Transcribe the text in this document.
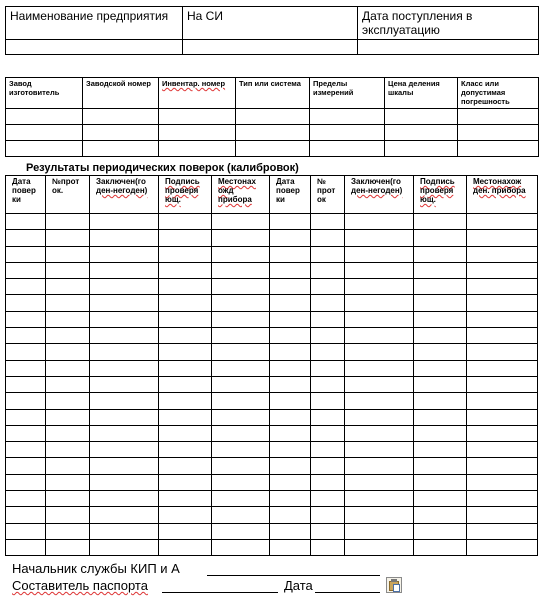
Наименование предприятия	На СИ	Дата поступления в эксплуатацию

Завод изготовитель	Заводской номер	Инвентар. номер	Тип или система	Пределы измерений	Цена деления шкалы	Класс или допустимая погрешность

Результаты периодических поверок (калибровок)
Дата повер ки	№прот ок.	Заключен(го ден-негоден)	Подпись проверя ющ.	Местонах ожд прибора	Дата повер ки	№ прот ок	Заключен(го ден-негоден)	Подпись проверя ющ.	Местонахож ден. прибора

Начальник службы КИП и А
Составитель паспорта	Дата
